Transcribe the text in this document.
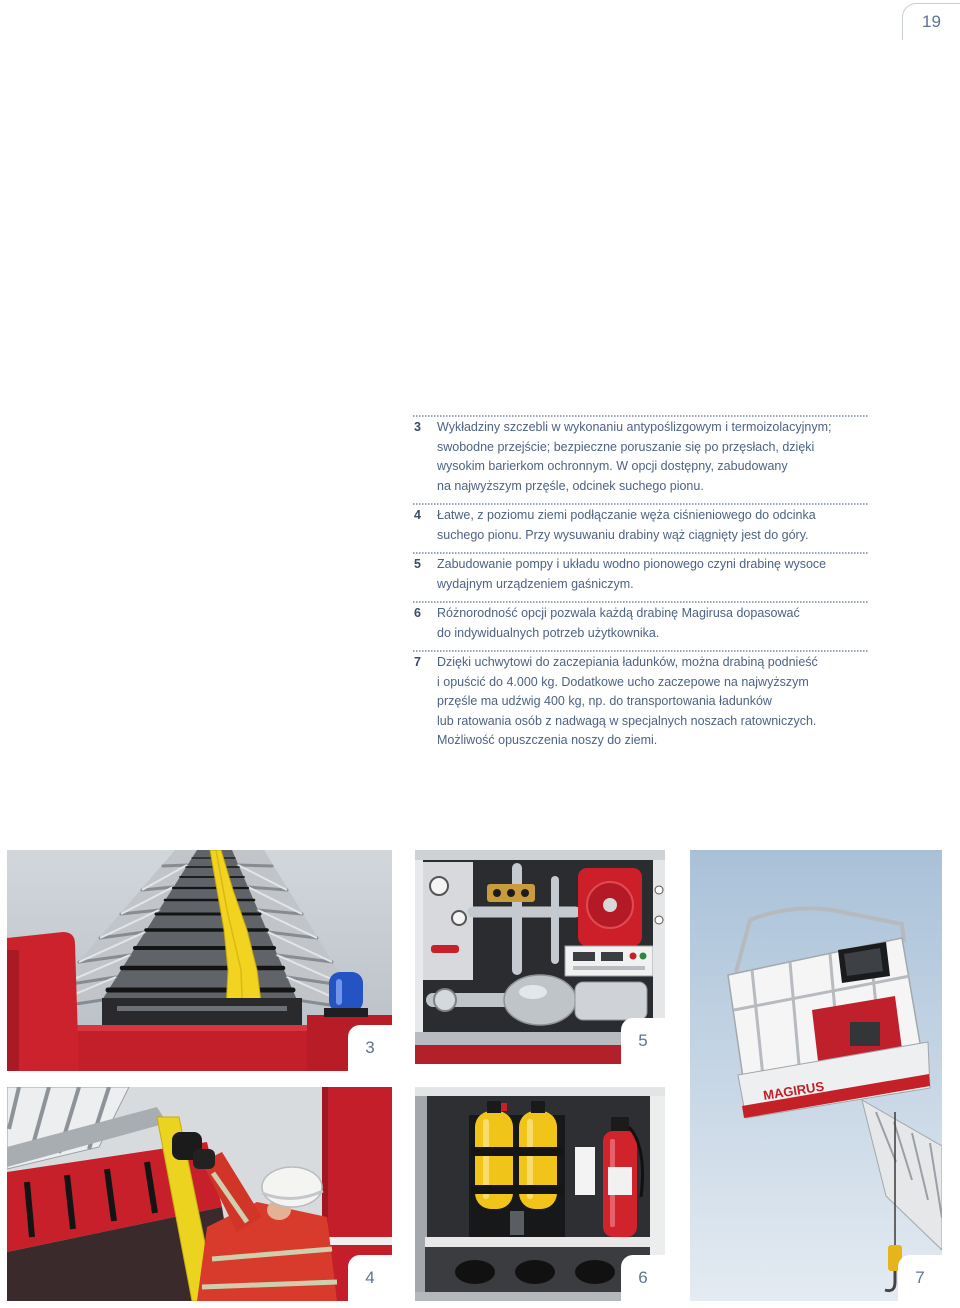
19
3 Wykładziny szczebli w wykonaniu antypoślizgowym i termoizolacyjnym;
swobodne przejście; bezpieczne poruszanie się po przęsłach, dzięki
wysokim barierkom ochronnym. W opcji dostępny, zabudowany
na najwyższym przęśle, odcinek suchego pionu.
4 Łatwe, z poziomu ziemi podłączanie węża ciśnieniowego do odcinka
suchego pionu. Przy wysuwaniu drabiny wąż ciągnięty jest do góry.
5 Zabudowanie pompy i układu wodno pionowego czyni drabinę wysoce
wydajnym urządzeniem gaśniczym.
6 Różnorodność opcji pozwala każdą drabinę Magirusa dopasować
do indywidualnych potrzeb użytkownika.
7 Dzięki uchwytowi do zaczepiania ładunków, można drabiną podnieść
i opuścić do 4.000 kg. Dodatkowe ucho zaczepowe na najwyższym
przęśle ma udźwig 400 kg, np. do transportowania ładunków
lub ratowania osób z nadwagą w specjalnych noszach ratowniczych.
Możliwość opuszczenia noszy do ziemi.
3	5
MAGIRUS
7
4	6
